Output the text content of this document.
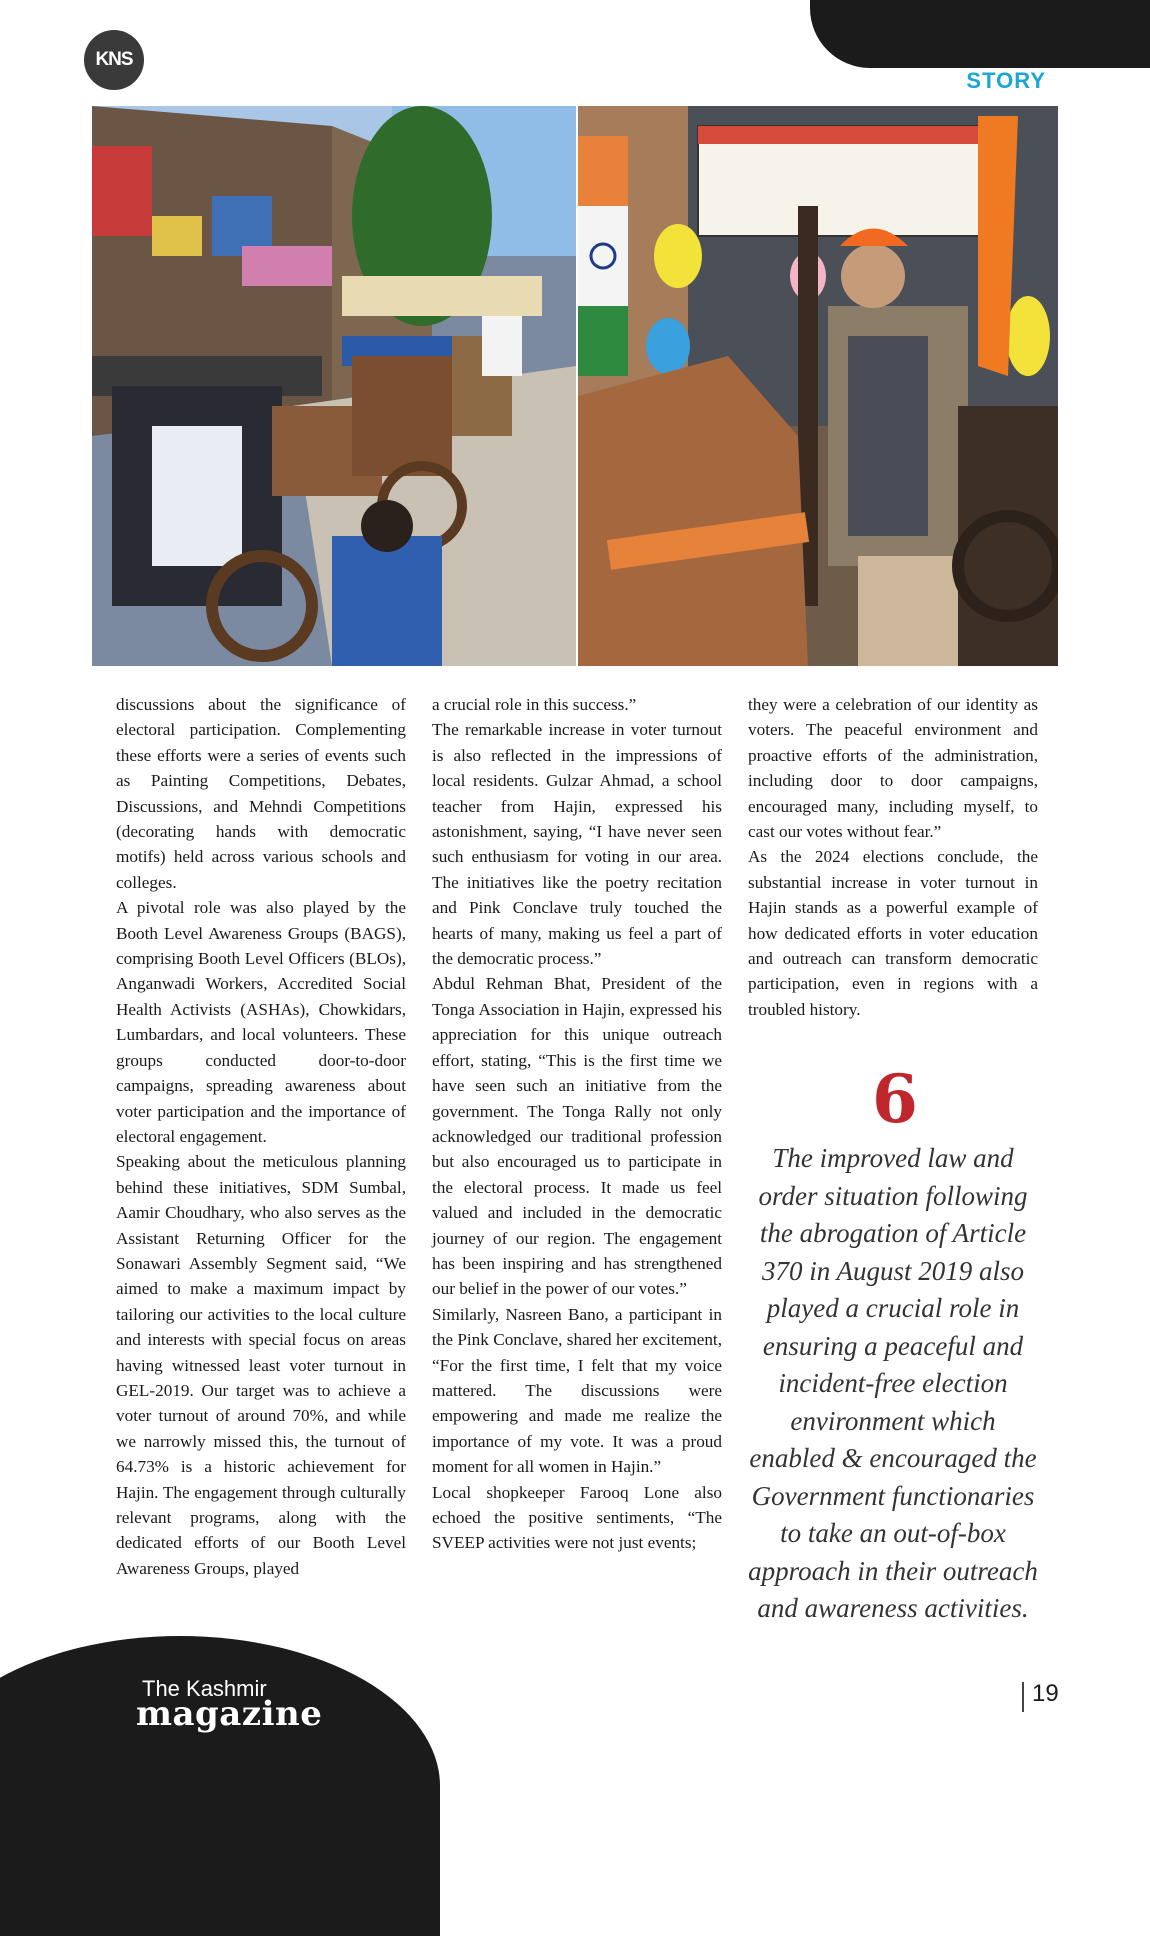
KNS
STORY

discussions about the significance of electoral participation. Complementing these efforts were a series of events such as Painting Competitions, Debates, Discussions, and Mehndi Competitions (decorating hands with democratic motifs) held across various schools and colleges.

A pivotal role was also played by the Booth Level Awareness Groups (BAGS), comprising Booth Level Officers (BLOs), Anganwadi Workers, Accredited Social Health Activists (ASHAs), Chowkidars, Lumbardars, and local volunteers. These groups conducted door-to-door campaigns, spreading awareness about voter participation and the importance of electoral engagement.

Speaking about the meticulous planning behind these initiatives, SDM Sumbal, Aamir Choudhary, who also serves as the Assistant Returning Officer for the Sonawari Assembly Segment said, “We aimed to make a maximum impact by tailoring our activities to the local culture and interests with special focus on areas having witnessed least voter turnout in GEL-2019. Our target was to achieve a voter turnout of around 70%, and while we narrowly missed this, the turnout of 64.73% is a historic achievement for Hajin. The engagement through culturally relevant programs, along with the dedicated efforts of our Booth Level Awareness Groups, played

a crucial role in this success.”

The remarkable increase in voter turnout is also reflected in the impressions of local residents. Gulzar Ahmad, a school teacher from Hajin, expressed his astonishment, saying, “I have never seen such enthusiasm for voting in our area. The initiatives like the poetry recitation and Pink Conclave truly touched the hearts of many, making us feel a part of the democratic process.”

Abdul Rehman Bhat, President of the Tonga Association in Hajin, expressed his appreciation for this unique outreach effort, stating, “This is the first time we have seen such an initiative from the government. The Tonga Rally not only acknowledged our traditional profession but also encouraged us to participate in the electoral process. It made us feel valued and included in the democratic journey of our region. The engagement has been inspiring and has strengthened our belief in the power of our votes.”

Similarly, Nasreen Bano, a participant in the Pink Conclave, shared her excitement, “For the first time, I felt that my voice mattered. The discussions were empowering and made me realize the importance of my vote. It was a proud moment for all women in Hajin.”

Local shopkeeper Farooq Lone also echoed the positive sentiments, “The SVEEP activities were not just events;

they were a celebration of our identity as voters. The peaceful environment and proactive efforts of the administration, including door to door campaigns, encouraged many, including myself, to cast our votes without fear.”

As the 2024 elections conclude, the substantial increase in voter turnout in Hajin stands as a powerful example of how dedicated efforts in voter education and outreach can transform democratic participation, even in regions with a troubled history.

6
The improved law and order situation following the abrogation of Article 370 in August 2019 also played a crucial role in ensuring a peaceful and incident-free election environment which enabled & encouraged the Government functionaries to take an out-of-box approach in their outreach and awareness activities.
The Kashmir
magazine
19
